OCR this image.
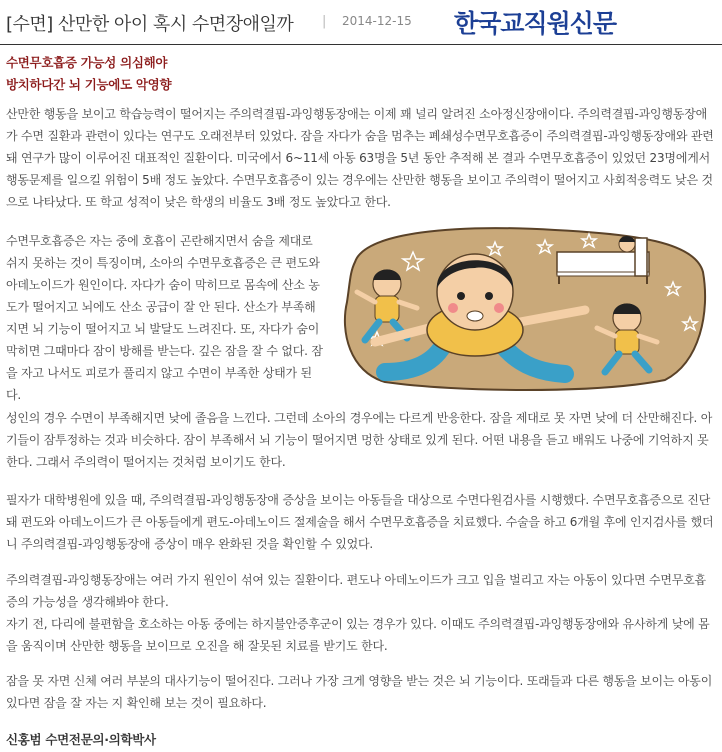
[수면] 산만한 아이 혹시 수면장애일까 | 2014-12-15 한국교직원신문
수면무호흡증 가능성 의심해야
방치하다간 뇌 기능에도 악영향
산만한 행동을 보이고 학습능력이 떨어지는 주의력결핍-과잉행동장애는 이제 꽤 널리 알려진 소아정신장애이다. 주의력결핍-과잉행동장애가 수면 질환과 관련이 있다는 연구도 오래전부터 있었다. 잠을 자다가 숨을 멈추는 폐쇄성수면무호흡증이 주의력결핍-과잉행동장애와 관련돼 연구가 많이 이루어진 대표적인 질환이다. 미국에서 6~11세 아동 63명을 5년 동안 추적해 본 결과 수면무호흡증이 있었던 23명에게서 행동문제를 일으킬 위험이 5배 정도 높았다. 수면무호흡증이 있는 경우에는 산만한 행동을 보이고 주의력이 떨어지고 사회적응력도 낮은 것으로 나타났다. 또 학교 성적이 낮은 학생의 비율도 3배 정도 높았다고 한다.
수면무호흡증은 자는 중에 호흡이 곤란해지면서 숨을 제대로 쉬지 못하는 것이 특징이며, 소아의 수면무호흡증은 큰 편도와 아데노이드가 원인이다. 자다가 숨이 막히므로 몸속에 산소 농도가 떨어지고 뇌에도 산소 공급이 잘 안 된다. 산소가 부족해지면 뇌 기능이 떨어지고 뇌 발달도 느려진다. 또, 자다가 숨이 막히면 그때마다 잠이 방해를 받는다. 깊은 잠을 잘 수 없다. 잠을 자고 나서도 피로가 풀리지 않고 수면이 부족한 상태가 된다.
성인의 경우 수면이 부족해지면 낮에 졸음을 느낀다. 그런데 소아의 경우에는 다르게 반응한다. 잠을 제대로 못 자면 낮에 더 산만해진다. 아기들이 잠투정하는 것과 비슷하다. 잠이 부족해서 뇌 기능이 떨어지면 멍한 상태로 있게 된다. 어떤 내용을 듣고 배워도 나중에 기억하지 못한다. 그래서 주의력이 떨어지는 것처럼 보이기도 한다.
필자가 대학병원에 있을 때, 주의력결핍-과잉행동장애 증상을 보이는 아동들을 대상으로 수면다원검사를 시행했다. 수면무호흡증으로 진단돼 편도와 아데노이드가 큰 아동들에게 편도-아데노이드 절제술을 해서 수면무호흡증을 치료했다. 수술을 하고 6개월 후에 인지검사를 했더니 주의력결핍-과잉행동장애 증상이 매우 완화된 것을 확인할 수 있었다.
주의력결핍-과잉행동장애는 여러 가지 원인이 섞여 있는 질환이다. 편도나 아데노이드가 크고 입을 벌리고 자는 아동이 있다면 수면무호흡증의 가능성을 생각해봐야 한다.
자기 전, 다리에 불편함을 호소하는 아동 중에는 하지불안증후군이 있는 경우가 있다. 이때도 주의력결핍-과잉행동장애와 유사하게 낮에 몸을 움직이며 산만한 행동을 보이므로 오진을 해 잘못된 치료를 받기도 한다.
잠을 못 자면 신체 여러 부분의 대사기능이 떨어진다. 그러나 가장 크게 영향을 받는 것은 뇌 기능이다. 또래들과 다른 행동을 보이는 아동이 있다면 잠을 잘 자는 지 확인해 보는 것이 필요하다.
신홍범 수면전문의·의학박사
